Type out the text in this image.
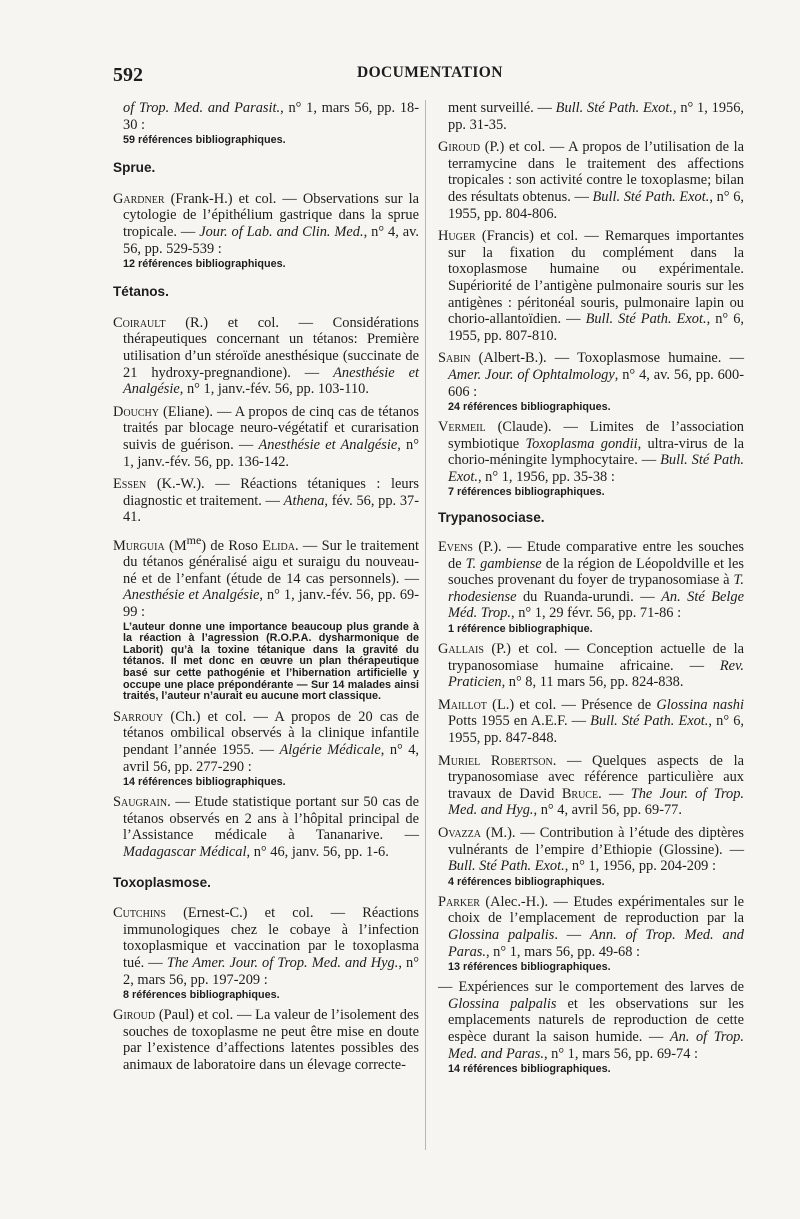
592	DOCUMENTATION
of Trop. Med. and Parasit., n° 1, mars 56, pp. 18-30 :
59 références bibliographiques.
Sprue.
Gardner (Frank-H.) et col. — Observations sur la cytologie de l’épithélium gastrique dans la sprue tropicale. — Jour. of Lab. and Clin. Med., n° 4, av. 56, pp. 529-539 :
12 références bibliographiques.
Tétanos.
Coirault (R.) et col. — Considérations thérapeutiques concernant un tétanos: Première utilisation d’un stéroïde anesthésique (succinate de 21 hydroxy-pregnandione). — Anesthésie et Analgésie, n° 1, janv.-fév. 56, pp. 103-110.
Douchy (Eliane). — A propos de cinq cas de tétanos traités par blocage neuro-végétatif et curarisation suivis de guérison. — Anesthésie et Analgésie, n° 1, janv.-fév. 56, pp. 136-142.
Essen (K.-W.). — Réactions tétaniques : leurs diagnostic et traitement. — Athena, fév. 56, pp. 37-41.
Murguia $(M^{me})$ de Roso Elida. — Sur le traitement du tétanos généralisé aigu et suraigu du nouveau-né et de l’enfant (étude de 14 cas personnels). — Anesthésie et Analgésie, n° 1, janv.-fév. 56, pp. 69-99 :
L’auteur donne une importance beaucoup plus grande à la réaction à l’agression (R.O.P.A. dysharmonique de Laborit) qu’à la toxine tétanique dans la gravité du tétanos. Il met donc en œuvre un plan thérapeutique basé sur cette pathogénie et l’hibernation artificielle y occupe une place prépondérante — Sur 14 malades ainsi traités, l’auteur n’aurait eu aucune mort classique.
Sarrouy (Ch.) et col. — A propos de 20 cas de tétanos ombilical observés à la clinique infantile pendant l’année 1955. — Algérie Médicale, n° 4, avril 56, pp. 277-290 :
14 références bibliographiques.
Saugrain. — Etude statistique portant sur 50 cas de tétanos observés en 2 ans à l’hôpital principal de l’Assistance médicale à Tananarive. — Madagascar Médical, n° 46, janv. 56, pp. 1-6.
Toxoplasmose.
Cutchins (Ernest-C.) et col. — Réactions immunologiques chez le cobaye à l’infection toxoplasmique et vaccination par le toxoplasma tué. — The Amer. Jour. of Trop. Med. and Hyg., n° 2, mars 56, pp. 197-209 :
8 références bibliographiques.
Giroud (Paul) et col. — La valeur de l’isolement des souches de toxoplasme ne peut être mise en doute par l’existence d’affections latentes possibles des animaux de laboratoire dans un élevage correcte-
ment surveillé. — Bull. Sté Path. Exot., n° 1, 1956, pp. 31-35.
Giroud (P.) et col. — A propos de l’utilisation de la terramycine dans le traitement des affections tropicales : son activité contre le toxoplasme; bilan des résultats obtenus. — Bull. Sté Path. Exot., n° 6, 1955, pp. 804-806.
Huger (Francis) et col. — Remarques importantes sur la fixation du complément dans la toxoplasmose humaine ou expérimentale. Supériorité de l’antigène pulmonaire souris sur les antigènes : péritonéal souris, pulmonaire lapin ou chorio-allantoïdien. — Bull. Sté Path. Exot., n° 6, 1955, pp. 807-810.
Sabin (Albert-B.). — Toxoplasmose humaine. — Amer. Jour. of Ophtalmology, n° 4, av. 56, pp. 600-606 :
24 références bibliographiques.
Vermeil (Claude). — Limites de l’association symbiotique Toxoplasma gondii, ultra-virus de la chorio-méningite lymphocytaire. — Bull. Sté Path. Exot., n° 1, 1956, pp. 35-38 :
7 références bibliographiques.
Trypanosociase.
Evens (P.). — Etude comparative entre les souches de T. gambiense de la région de Léopoldville et les souches provenant du foyer de trypanosomiase à T. rhodesiense du Ruanda-urundi. — An. Sté Belge Méd. Trop., n° 1, 29 févr. 56, pp. 71-86 :
1 référence bibliographique.
Gallais (P.) et col. — Conception actuelle de la trypanosomiase humaine africaine. — Rev. Praticien, n° 8, 11 mars 56, pp. 824-838.
Maillot (L.) et col. — Présence de Glossina nashi Potts 1955 en A.E.F. — Bull. Sté Path. Exot., n° 6, 1955, pp. 847-848.
Muriel Robertson. — Quelques aspects de la trypanosomiase avec référence particulière aux travaux de David Bruce. — The Jour. of Trop. Med. and Hyg., n° 4, avril 56, pp. 69-77.
Ovazza (M.). — Contribution à l’étude des diptères vulnérants de l’empire d’Ethiopie (Glossine). — Bull. Sté Path. Exot., n° 1, 1956, pp. 204-209 :
4 références bibliographiques.
Parker (Alec.-H.). — Etudes expérimentales sur le choix de l’emplacement de reproduction par la Glossina palpalis. — Ann. of Trop. Med. and Paras., n° 1, mars 56, pp. 49-68 :
13 références bibliographiques.
— Expériences sur le comportement des larves de Glossina palpalis et les observations sur les emplacements naturels de reproduction de cette espèce durant la saison humide. — An. of Trop. Med. and Paras., n° 1, mars 56, pp. 69-74 :
14 références bibliographiques.
